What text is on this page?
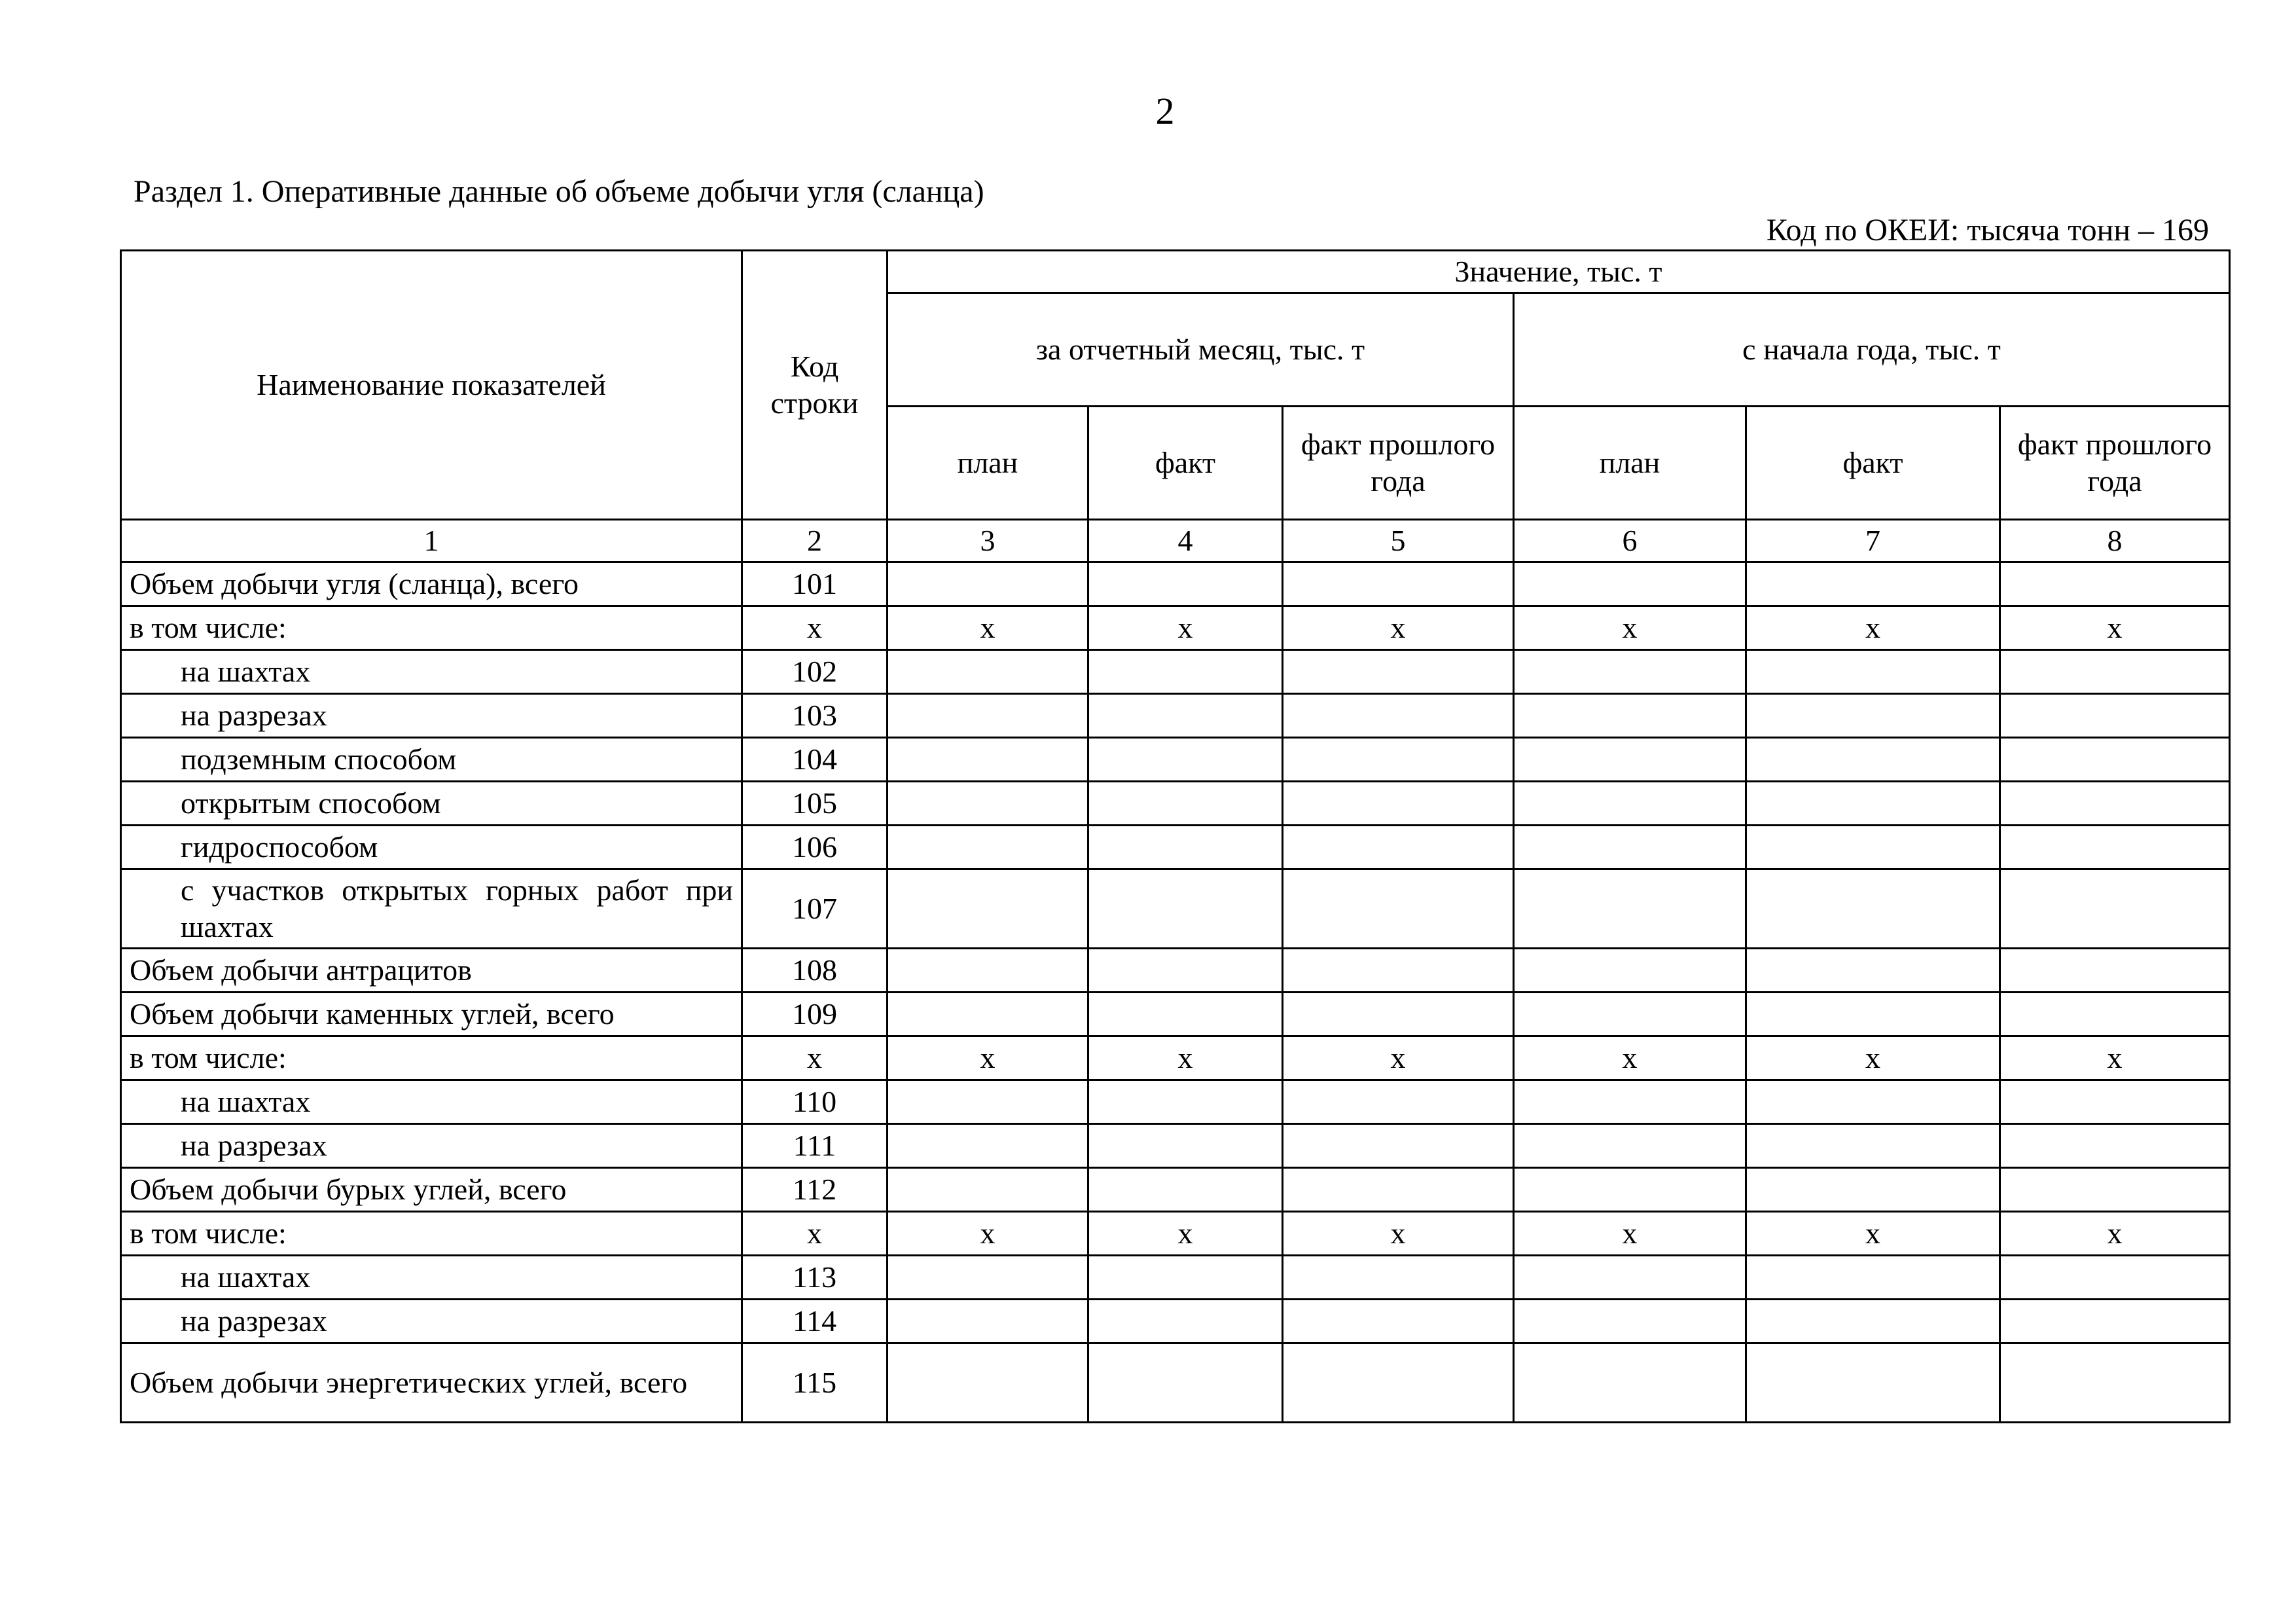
2
Раздел 1. Оперативные данные об объеме добычи угля (сланца)
Код по ОКЕИ: тысяча тонн – 169
Наименование показателей	Код строки	Значение, тыс. т					
		за отчетный месяц, тыс. т			с начала года, тыс. т		
		план	факт	факт прошлого года	план	факт	факт прошлого года
1	2	3	4	5	6	7	8
Объем добычи угля (сланца), всего	101						
в том числе:	х	х	х	х	х	х	х
на шахтах	102						
на разрезах	103						
подземным способом	104						
открытым способом	105						
гидроспособом	106						
с участков открытых горных работ при шахтах	107						
Объем добычи антрацитов	108						
Объем добычи каменных углей, всего	109						
в том числе:	х	х	х	х	х	х	х
на шахтах	110						
на разрезах	111						
Объем добычи бурых углей, всего	112						
в том числе:	х	х	х	х	х	х	х
на шахтах	113						
на разрезах	114						
Объем добычи энергетических углей, всего	115						
